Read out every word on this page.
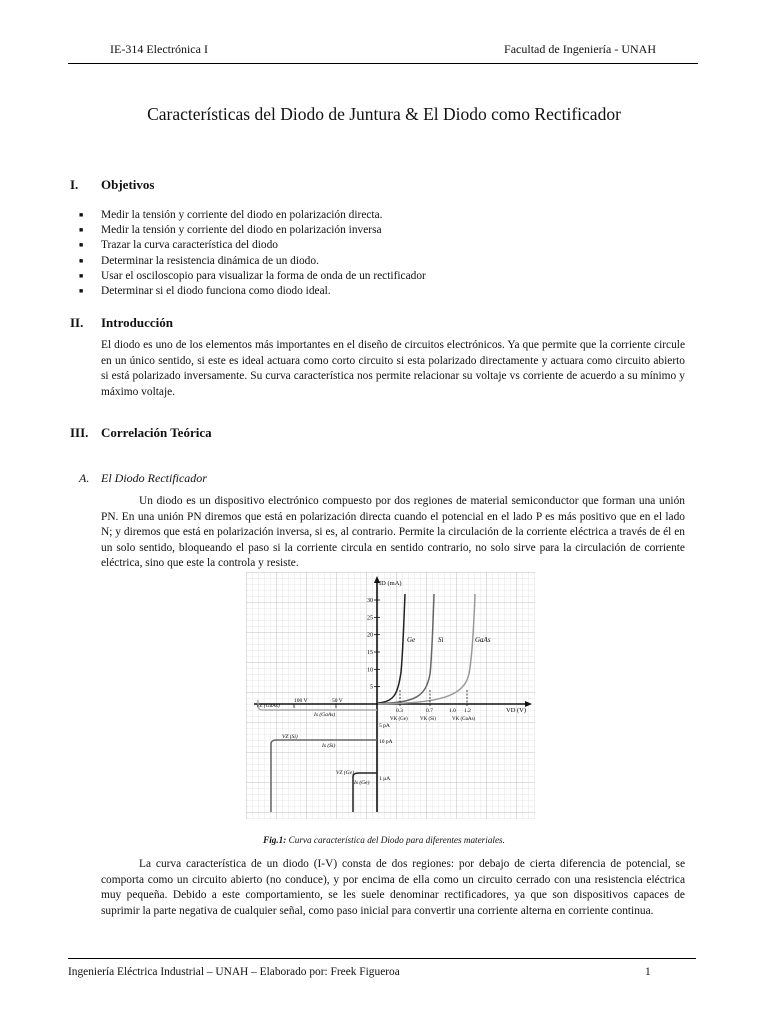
IE-314 Electrónica I	Facultad de Ingeniería - UNAH
Características del Diodo de Juntura & El Diodo como Rectificador
I. Objetivos
■ Medir la tensión y corriente del diodo en polarización directa.
■ Medir la tensión y corriente del diodo en polarización inversa
■ Trazar la curva característica del diodo
■ Determinar la resistencia dinámica de un diodo.
■ Usar el osciloscopio para visualizar la forma de onda de un rectificador
■ Determinar si el diodo funciona como diodo ideal.
II. Introducción
El diodo es uno de los elementos más importantes en el diseño de circuitos electrónicos. Ya que permite que la corriente circule en un único sentido, si este es ideal actuara como corto circuito si esta polarizado directamente y actuara como circuito abierto si está polarizado inversamente. Su curva característica nos permite relacionar su voltaje vs corriente de acuerdo a su mínimo y máximo voltaje.
III. Correlación Teórica
A. El Diodo Rectificador
Un diodo es un dispositivo electrónico compuesto por dos regiones de material semiconductor que forman una unión PN. En una unión PN diremos que está en polarización directa cuando el potencial en el lado P es más positivo que en el lado N; y diremos que está en polarización inversa, si es, al contrario. Permite la circulación de la corriente eléctrica a través de él en un solo sentido, bloqueando el paso si la corriente circula en sentido contrario, no solo sirve para la circulación de corriente eléctrica, sino que este la controla y resiste.
5
10
15
20
25
30
ID (mA)
VD (V)
Ge	Si	GaAs
0.3	0.7	1.0 1.2
VK (Ge) VK (Si)	VK (GaAs)
100 V	50 V
VZ (GaAs)
Is (GaAs)
5 pA
VZ (Si)
Is (Si)
10 pA
VZ (Ge)
Is (Ge)
1 µA
Fig.1: Curva característica del Diodo para diferentes materiales.
La curva característica de un diodo (I-V) consta de dos regiones: por debajo de cierta diferencia de potencial, se comporta como un circuito abierto (no conduce), y por encima de ella como un circuito cerrado con una resistencia eléctrica muy pequeña. Debido a este comportamiento, se les suele denominar rectificadores, ya que son dispositivos capaces de suprimir la parte negativa de cualquier señal, como paso inicial para convertir una corriente alterna en corriente continua.
Ingeniería Eléctrica Industrial – UNAH – Elaborado por: Freek Figueroa	1
